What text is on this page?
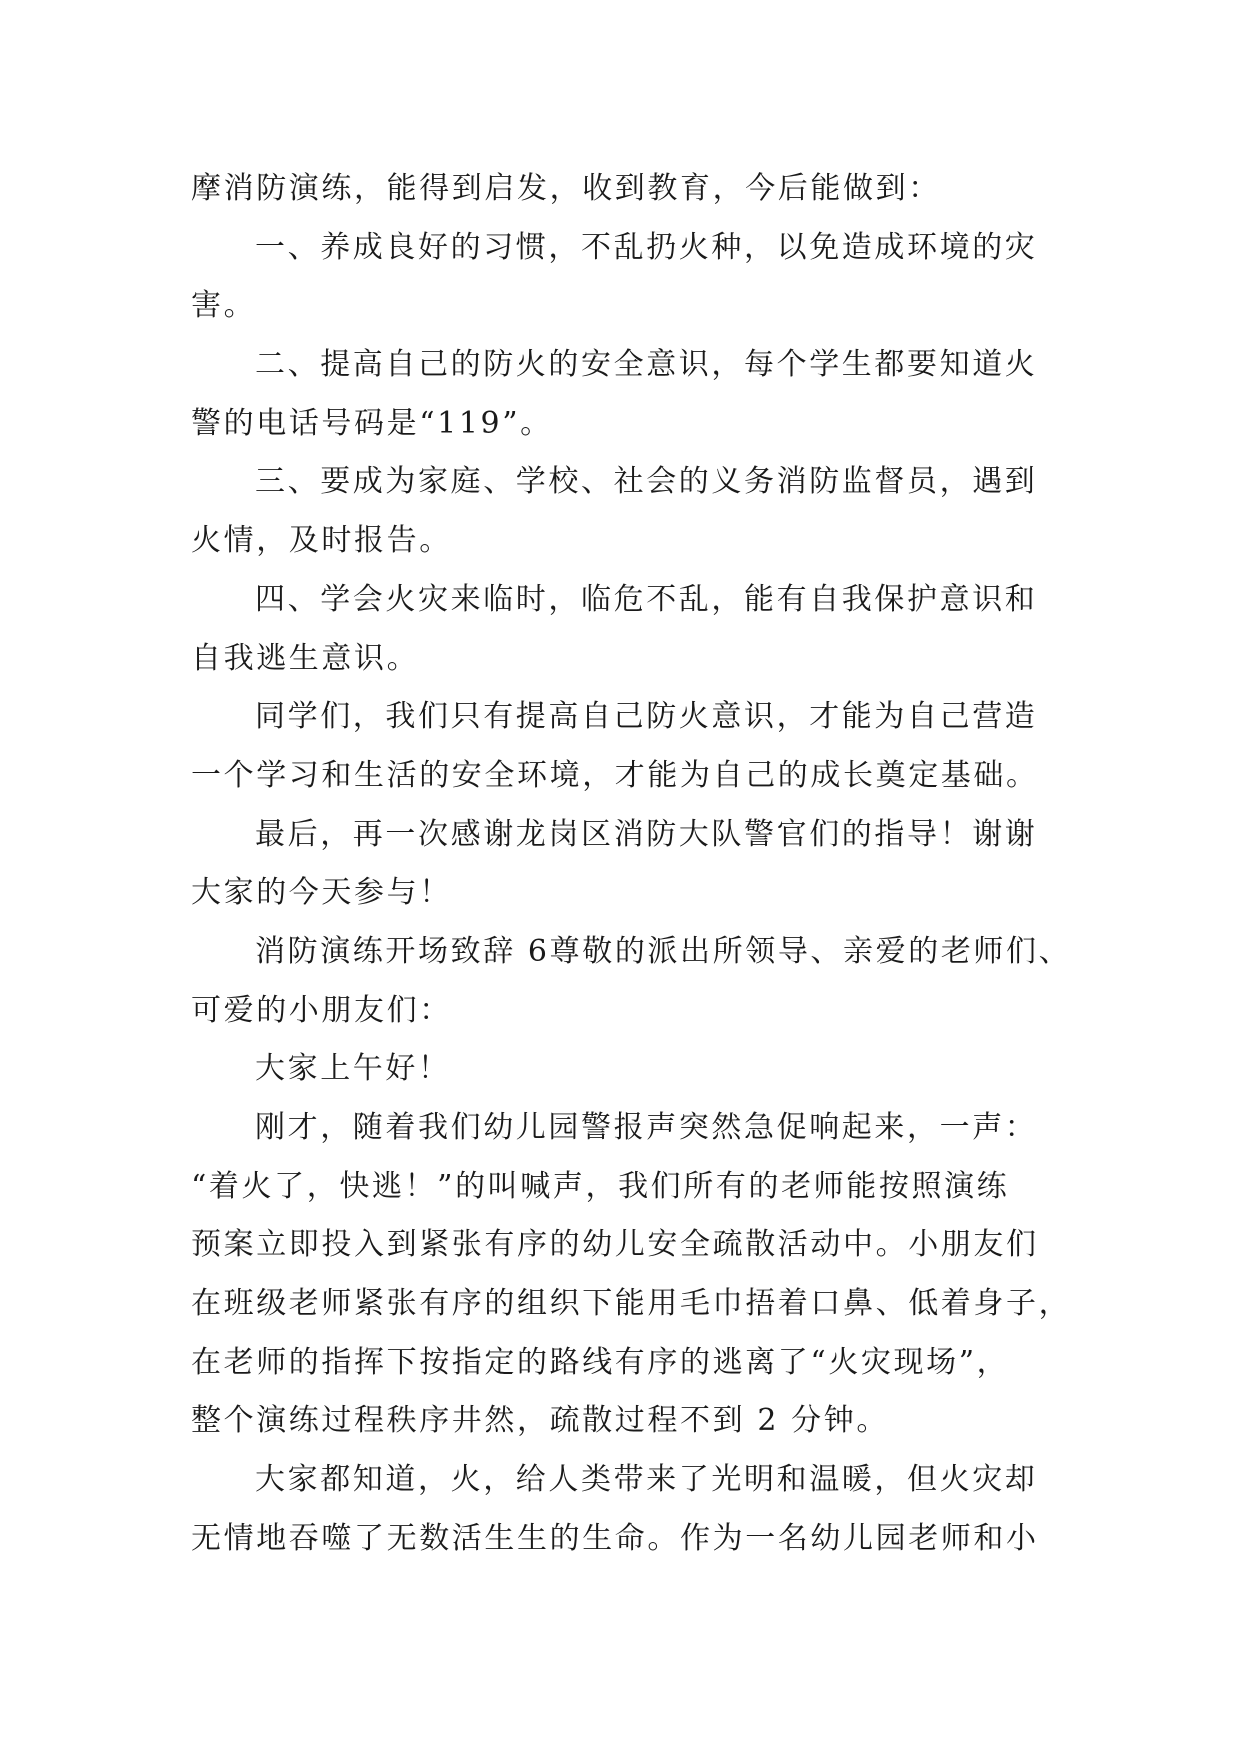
摩消防演练，能得到启发，收到教育，今后能做到：
一、养成良好的习惯，不乱扔火种，以免造成环境的灾
害。
二、提高自己的防火的安全意识，每个学生都要知道火
警的电话号码是“119”。
三、要成为家庭、学校、社会的义务消防监督员，遇到
火情，及时报告。
四、学会火灾来临时，临危不乱，能有自我保护意识和
自我逃生意识。
同学们，我们只有提高自己防火意识，才能为自己营造
一个学习和生活的安全环境，才能为自己的成长奠定基础。
最后，再一次感谢龙岗区消防大队警官们的指导！谢谢
大家的今天参与！
消防演练开场致辞 6尊敬的派出所领导、亲爱的老师们、
可爱的小朋友们：
大家上午好！
刚才，随着我们幼儿园警报声突然急促响起来，一声：
“着火了，快逃！”的叫喊声，我们所有的老师能按照演练
预案立即投入到紧张有序的幼儿安全疏散活动中。小朋友们
在班级老师紧张有序的组织下能用毛巾捂着口鼻、低着身子，
在老师的指挥下按指定的路线有序的逃离了“火灾现场”，
整个演练过程秩序井然，疏散过程不到 2 分钟。
大家都知道，火，给人类带来了光明和温暖，但火灾却
无情地吞噬了无数活生生的生命。作为一名幼儿园老师和小
